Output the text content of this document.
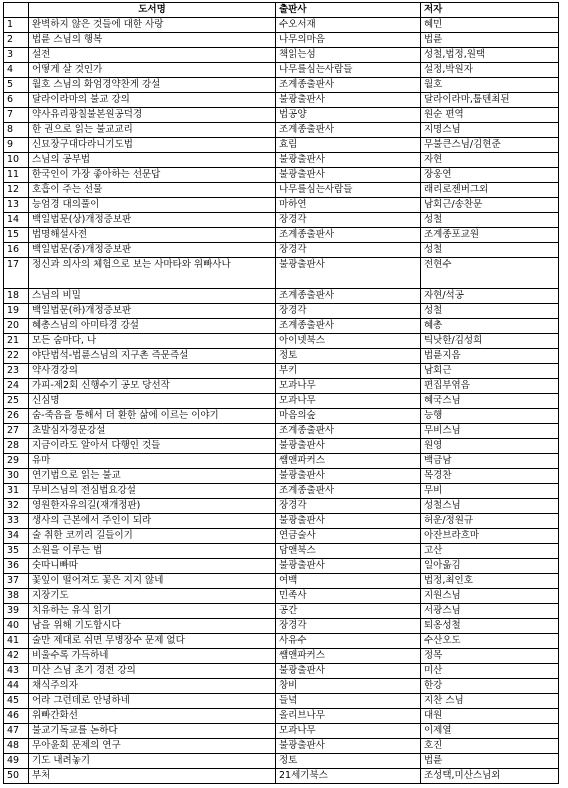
	도서명	출판사	저자
1	완벽하지 않은 것들에 대한 사랑	수오서재	혜민
2	법륜 스님의 행복	나무의마음	법륜
3	설전	책읽는섬	성철,법정,원택
4	어떻게 살 것인가	나무를심는사람들	설정,박원자
5	월호 스님의 화엄경약찬게 강설	조계종출판사	월호
6	달라이라마의 불교 강의	불광출판사	달라이라마,툽텐최된
7	약사유리광칠불본원공덕경	법공양	원순 편역
8	한 권으로 읽는 불교교리	조계종출판사	지명스님
9	신묘장구대다라니기도법	효림	무불큰스님/김현준
10	스님의 공부법	불광출판사	자현
11	한국인이 가장 좋아하는 선문답	불광출판사	장웅연
12	호흡이 주는 선물	나무를심는사람들	래리로젠버그외
13	능엄경 대의풀이	마하연	남회근/송찬문
14	백일법문(상)개정증보판	장경각	성철
15	법명해설사전	조계종출판사	조계종포교원
16	백일법문(중)개정증보판	장경각	성철
17	정신과 의사의 체험으로 보는 사마타와 위빠사나	불광출판사	전현수
18	스님의 비밀	조계종출판사	자현/석공
19	백일법문(하)개정증보판	장경각	성철
20	혜총스님의 아미타경 강설	조계종출판사	혜총
21	모든 숨마다, 나	아이넷북스	틱낫한/김성희
22	야단법석-법륜스님의 지구촌 즉문즉설	정토	법륜지음
23	약사경강의	부키	남회근
24	가피-제2회 신행수기 공모 당선작	모과나무	편집부엮음
25	신심명	모과나무	혜국스님
26	숨-죽음을 통해서 더 환한 삶에 이르는 이야기	마음의숲	능행
27	초발심자경문강설	조계종출판사	무비스님
28	지금이라도 알아서 다행인 것들	불광출판사	원영
29	유마	쌤앤파커스	백금남
30	연기법으로 읽는 불교	불광출판사	목경찬
31	무비스님의 전심법요강설	조계종출판사	무비
32	영원한자유의길(재개정판)	장경각	성철스님
33	생사의 근본에서 주인이 되라	불광출판사	허운/정원규
34	술 취한 코끼리 길들이기	연금술사	아잔브라흐마
35	소원을 이루는 법	담앤북스	고산
36	숫따니빠따	불광출판사	일아옮김
37	꽃잎이 떨어져도 꽃은 지지 않네	여백	법정,최인호
38	지장기도	민족사	지원스님
39	치유하는 유식 읽기	공간	서광스님
40	남을 위해 기도합시다	장경각	퇴옹성철
41	술만 제대로 쉬면 무병장수 문제 없다	사유수	수산오도
42	비울수록 가득하네	쌤앤파커스	정목
43	미산 스님 초기 경전 강의	불광출판사	미산
44	채식주의자	창비	한강
45	어라 그런데로 안녕하네	들녘	지찬 스님
46	위빠간화선	올리브나무	대원
47	불교기독교를 논하다	모과나무	이제열
48	무아윤회 문제의 연구	불광출판사	호진
49	기도 내려놓기	정토	법륜
50	부처	21세기북스	조성택,미산스님외
